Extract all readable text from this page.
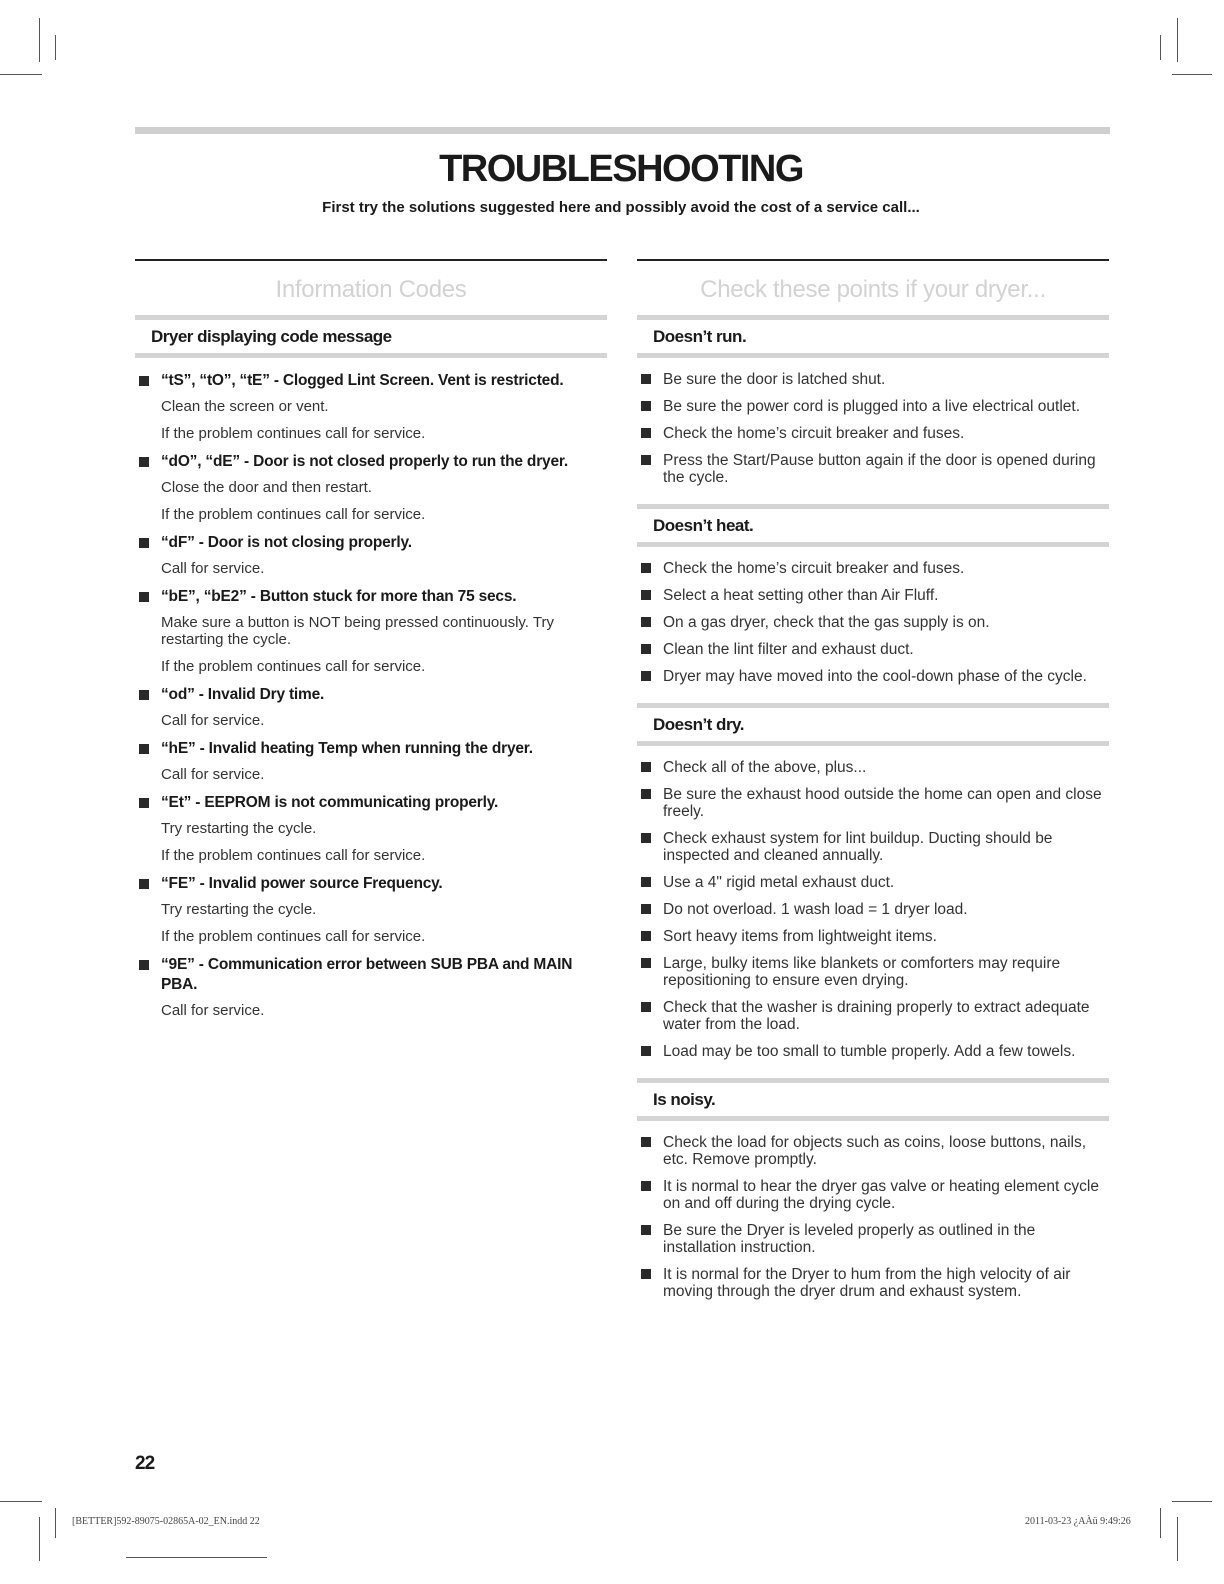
TROUBLESHOOTING
First try the solutions suggested here and possibly avoid the cost of a service call...
Information Codes
Dryer displaying code message
“tS”, “tO”, “tE” - Clogged Lint Screen. Vent is restricted.
Clean the screen or vent.
If the problem continues call for service.
“dO”, “dE” - Door is not closed properly to run the dryer.
Close the door and then restart.
If the problem continues call for service.
“dF” - Door is not closing properly.
Call for service.
“bE”, “bE2” - Button stuck for more than 75 secs.
Make sure a button is NOT being pressed continuously. Try restarting the cycle.
If the problem continues call for service.
“od” - Invalid Dry time.
Call for service.
“hE” - Invalid heating Temp when running the dryer.
Call for service.
“Et” - EEPROM is not communicating properly.
Try restarting the cycle.
If the problem continues call for service.
“FE” - Invalid power source Frequency.
Try restarting the cycle.
If the problem continues call for service.
“9E” - Communication error between SUB PBA and MAIN PBA.
Call for service.
Check these points if your dryer...
Doesn’t run.
Be sure the door is latched shut.
Be sure the power cord is plugged into a live electrical outlet.
Check the home’s circuit breaker and fuses.
Press the Start/Pause button again if the door is opened during the cycle.
Doesn’t heat.
Check the home’s circuit breaker and fuses.
Select a heat setting other than Air Fluff.
On a gas dryer, check that the gas supply is on.
Clean the lint filter and exhaust duct.
Dryer may have moved into the cool-down phase of the cycle.
Doesn’t dry.
Check all of the above, plus...
Be sure the exhaust hood outside the home can open and close freely.
Check exhaust system for lint buildup. Ducting should be inspected and cleaned annually.
Use a 4" rigid metal exhaust duct.
Do not overload. 1 wash load = 1 dryer load.
Sort heavy items from lightweight items.
Large, bulky items like blankets or comforters may require repositioning to ensure even drying.
Check that the washer is draining properly to extract adequate water from the load.
Load may be too small to tumble properly. Add a few towels.
Is noisy.
Check the load for objects such as coins, loose buttons, nails, etc. Remove promptly.
It is normal to hear the dryer gas valve or heating element cycle on and off during the drying cycle.
Be sure the Dryer is leveled properly as outlined in the installation instruction.
It is normal for the Dryer to hum from the high velocity of air moving through the dryer drum and exhaust system.
22
[BETTER]592-89075-02865A-02_EN.indd 22	2011-03-23 ¿AÀü 9:49:26
